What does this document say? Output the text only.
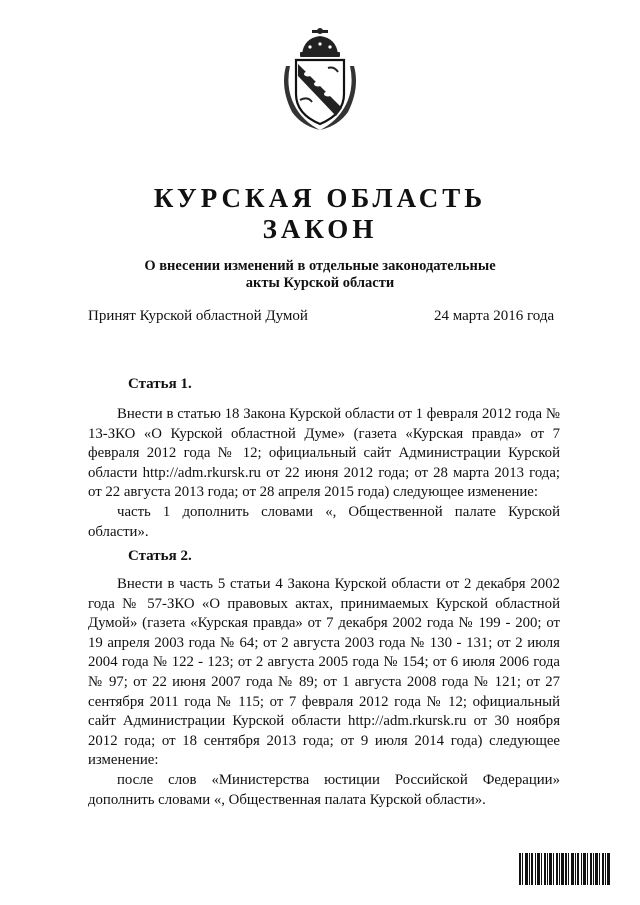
КУРСКАЯ ОБЛАСТЬ
ЗАКОН
О внесении изменений в отдельные законодательные
акты Курской области
Принят Курской областной Думой	24 марта 2016 года
Статья 1.

Внести в статью 18 Закона Курской области от 1 февраля 2012 года № 13-ЗКО «О Курской областной Думе» (газета «Курская правда» от 7 февраля 2012 года № 12; официальный сайт Администрации Курской области http://adm.rkursk.ru от 22 июня 2012 года; от 28 марта 2013 года; от 22 августа 2013 года; от 28 апреля 2015 года) следующее изменение:

часть 1 дополнить словами «, Общественной палате Курской области».

Статья 2.

Внести в часть 5 статьи 4 Закона Курской области от 2 декабря 2002 года № 57-ЗКО «О правовых актах, принимаемых Курской областной Думой» (газета «Курская правда» от 7 декабря 2002 года № 199 - 200; от 19 апреля 2003 года № 64; от 2 августа 2003 года № 130 - 131; от 2 июля 2004 года № 122 - 123; от 2 августа 2005 года № 154; от 6 июля 2006 года № 97; от 22 июня 2007 года № 89; от 1 августа 2008 года № 121; от 27 сентября 2011 года № 115; от 7 февраля 2012 года № 12; официальный сайт Администрации Курской области http://adm.rkursk.ru от 30 ноября 2012 года; от 18 сентября 2013 года; от 9 июля 2014 года) следующее изменение:

после слов «Министерства юстиции Российской Федерации» дополнить словами «, Общественная палата Курской области».
